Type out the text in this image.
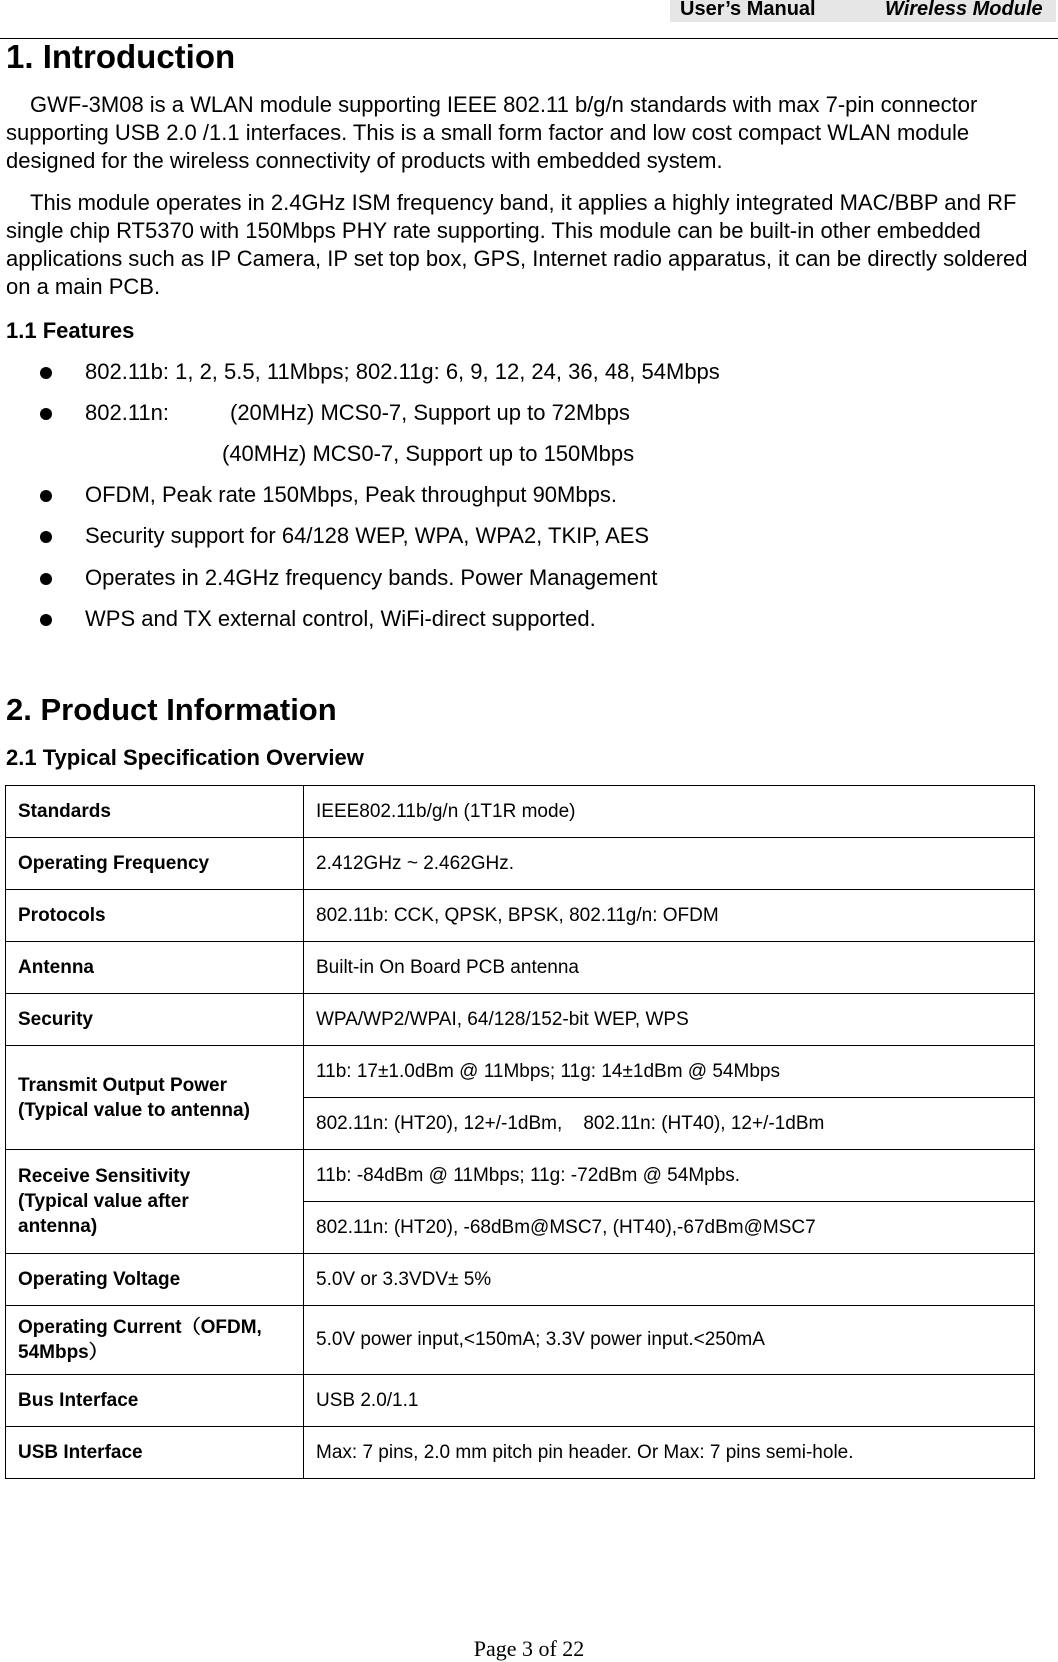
User’s Manual	Wireless Module
1. Introduction

GWF-3M08 is a WLAN module supporting IEEE 802.11 b/g/n standards with max 7-pin connector supporting USB 2.0 /1.1 interfaces. This is a small form factor and low cost compact WLAN module designed for the wireless connectivity of products with embedded system.

This module operates in 2.4GHz ISM frequency band, it applies a highly integrated MAC/BBP and RF single chip RT5370 with 150Mbps PHY rate supporting. This module can be built-in other embedded applications such as IP Camera, IP set top box, GPS, Internet radio apparatus, it can be directly soldered on a main PCB.

1.1 Features
802.11b: 1, 2, 5.5, 11Mbps; 802.11g: 6, 9, 12, 24, 36, 48, 54Mbps
802.11n:	(20MHz) MCS0-7, Support up to 72Mbps
(40MHz) MCS0-7, Support up to 150Mbps
OFDM, Peak rate 150Mbps, Peak throughput 90Mbps.
Security support for 64/128 WEP, WPA, WPA2, TKIP, AES
Operates in 2.4GHz frequency bands. Power Management
WPS and TX external control, WiFi-direct supported.
2. Product Information
2.1 Typical Specification Overview
Standards	IEEE802.11b/g/n (1T1R mode)
Operating Frequency	2.412GHz ~ 2.462GHz.
Protocols	802.11b: CCK, QPSK, BPSK, 802.11g/n: OFDM
Antenna	Built-in On Board PCB antenna
Security	WPA/WP2/WPAI, 64/128/152-bit WEP, WPS

Transmit Output Power
(Typical value to antenna)	11b: 17±1.0dBm @ 11Mbps; 11g: 14±1dBm @ 54Mbps
	802.11n: (HT20), 12+/-1dBm,    802.11n: (HT40), 12+/-1dBm

Receive Sensitivity
(Typical value after
antenna)	11b: -84dBm @ 11Mbps; 11g: -72dBm @ 54Mpbs.
	802.11n: (HT20), -68dBm@MSC7, (HT40),-67dBm@MSC7
Operating Voltage	5.0V or 3.3VDV± 5%

Operating Current（OFDM,
54Mbps）	5.0V power input,<150mA; 3.3V power input.<250mA
Bus Interface	USB 2.0/1.1
USB Interface	Max: 7 pins, 2.0 mm pitch pin header. Or Max: 7 pins semi-hole.
Page 3 of 22
